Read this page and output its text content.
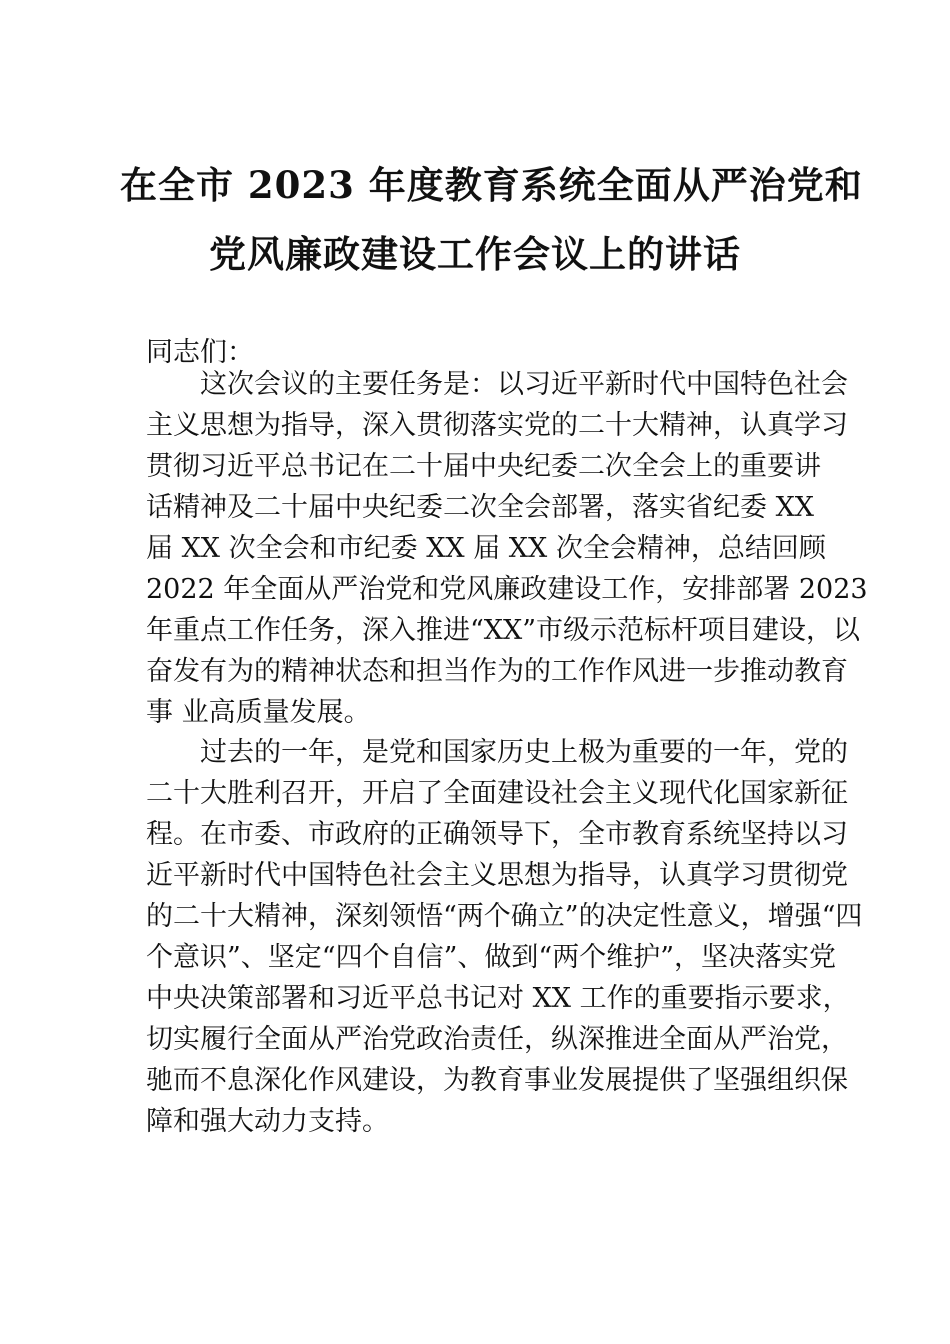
在全市 2023 年度教育系统全面从严治党和
党风廉政建设工作会议上的讲话
同志们：
这次会议的主要任务是：以习近平新时代中国特色社会
主义思想为指导，深入贯彻落实党的二十大精神，认真学习
贯彻习近平总书记在二十届中央纪委二次全会上的重要讲
话精神及二十届中央纪委二次全会部署，落实省纪委 XX
届 XX 次全会和市纪委 XX 届 XX 次全会精神，总结回顾
2022 年全面从严治党和党风廉政建设工作，安排部署 2023
年重点工作任务，深入推进“XX”市级示范标杆项目建设，以
奋发有为的精神状态和担当作为的工作作风进一步推动教育
事 业高质量发展。
过去的一年，是党和国家历史上极为重要的一年，党的
二十大胜利召开，开启了全面建设社会主义现代化国家新征
程。在市委、市政府的正确领导下，全市教育系统坚持以习
近平新时代中国特色社会主义思想为指导，认真学习贯彻党
的二十大精神，深刻领悟“两个确立”的决定性意义，增强“四
个意识”、坚定“四个自信”、做到“两个维护”，坚决落实党
中央决策部署和习近平总书记对 XX 工作的重要指示要求，
切实履行全面从严治党政治责任，纵深推进全面从严治党，
驰而不息深化作风建设，为教育事业发展提供了坚强组织保
障和强大动力支持。
